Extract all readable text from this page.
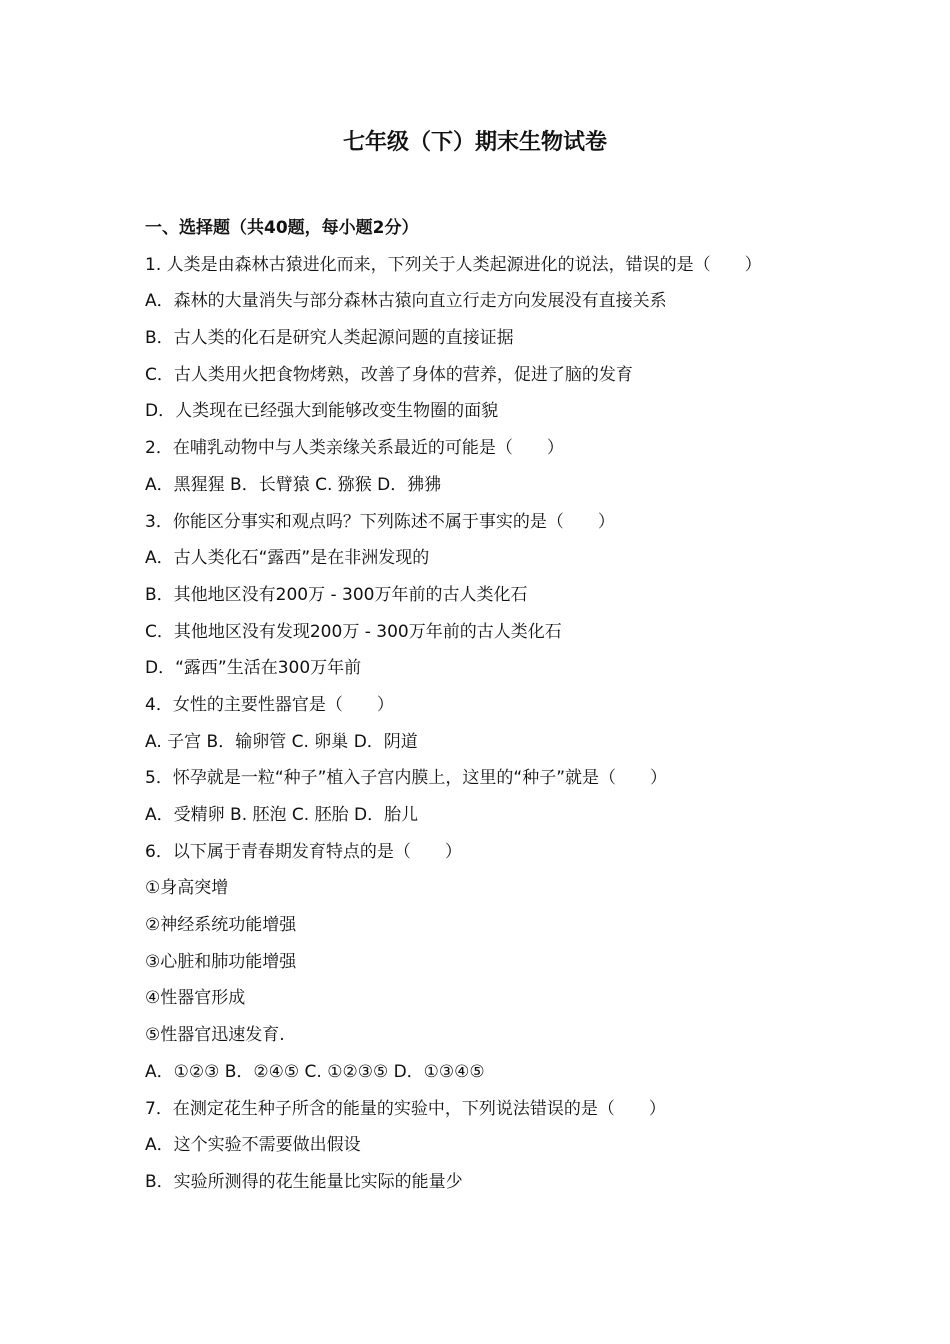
七年级（下）期末生物试卷
一、选择题（共40题，每小题2分）
1. 人类是由森林古猿进化而来，下列关于人类起源进化的说法，错误的是（　　）
A．森林的大量消失与部分森林古猿向直立行走方向发展没有直接关系
B．古人类的化石是研究人类起源问题的直接证据
C．古人类用火把食物烤熟，改善了身体的营养，促进了脑的发育
D．人类现在已经强大到能够改变生物圈的面貌
2．在哺乳动物中与人类亲缘关系最近的可能是（　　）
A．黑猩猩 B．长臂猿 C. 猕猴 D．狒狒
3．你能区分事实和观点吗？下列陈述不属于事实的是（　　）
A．古人类化石“露西”是在非洲发现的
B．其他地区没有200万 - 300万年前的古人类化石
C．其他地区没有发现200万 - 300万年前的古人类化石
D．“露西”生活在300万年前
4．女性的主要性器官是（　　）
A. 子宫 B．输卵管 C. 卵巢 D．阴道
5．怀孕就是一粒“种子”植入子宫内膜上，这里的“种子”就是（　　）
A．受精卵 B. 胚泡 C. 胚胎 D．胎儿
6．以下属于青春期发育特点的是（　　）
①身高突增
②神经系统功能增强
③心脏和肺功能增强
④性器官形成
⑤性器官迅速发育.
A．①②③ B．②④⑤ C. ①②③⑤ D．①③④⑤
7．在测定花生种子所含的能量的实验中，下列说法错误的是（　　）
A．这个实验不需要做出假设
B．实验所测得的花生能量比实际的能量少
